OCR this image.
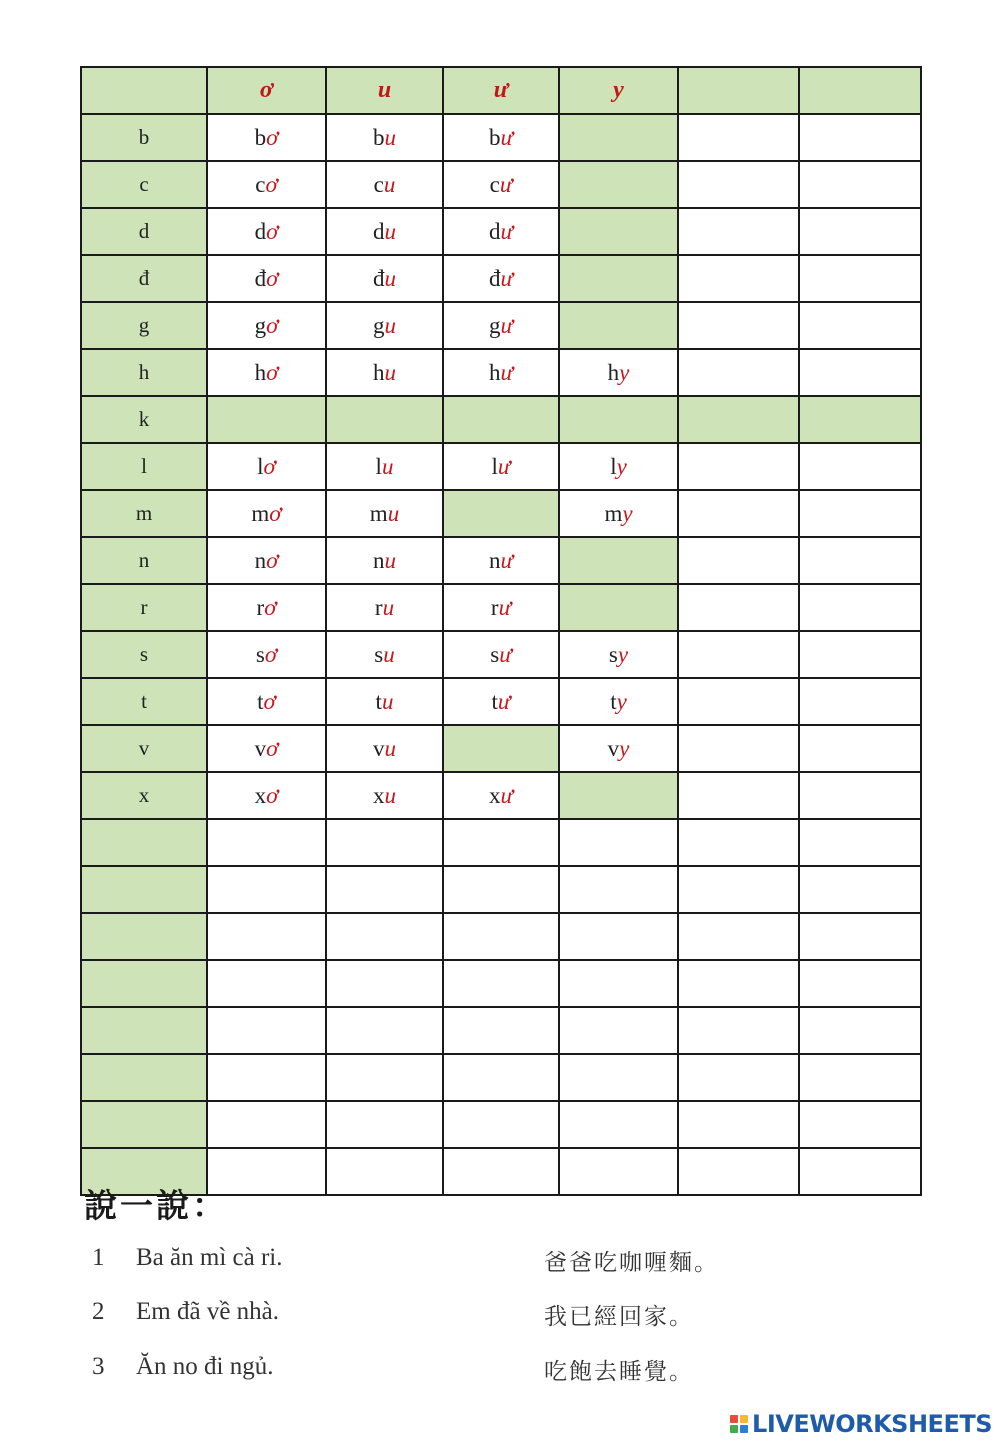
	ơ	u	ư	y		
b	bơ	bu	bư			
c	cơ	cu	cư			
d	dơ	du	dư			
đ	đơ	đu	đư			
g	gơ	gu	gư			
h	hơ	hu	hư	hy		
k						
l	lơ	lu	lư	ly		
m	mơ	mu		my		
n	nơ	nu	nư			
r	rơ	ru	rư			
s	sơ	su	sư	sy		
t	tơ	tu	tư	ty		
v	vơ	vu		vy		
x	xơ	xu	xư			

說一說：
1 Ba ăn mì cà ri.	爸爸吃咖喱麵。
2 Em đã về nhà.	我已經回家。
3 Ăn no đi ngủ.	吃飽去睡覺。
LIVEWORKSHEETS
